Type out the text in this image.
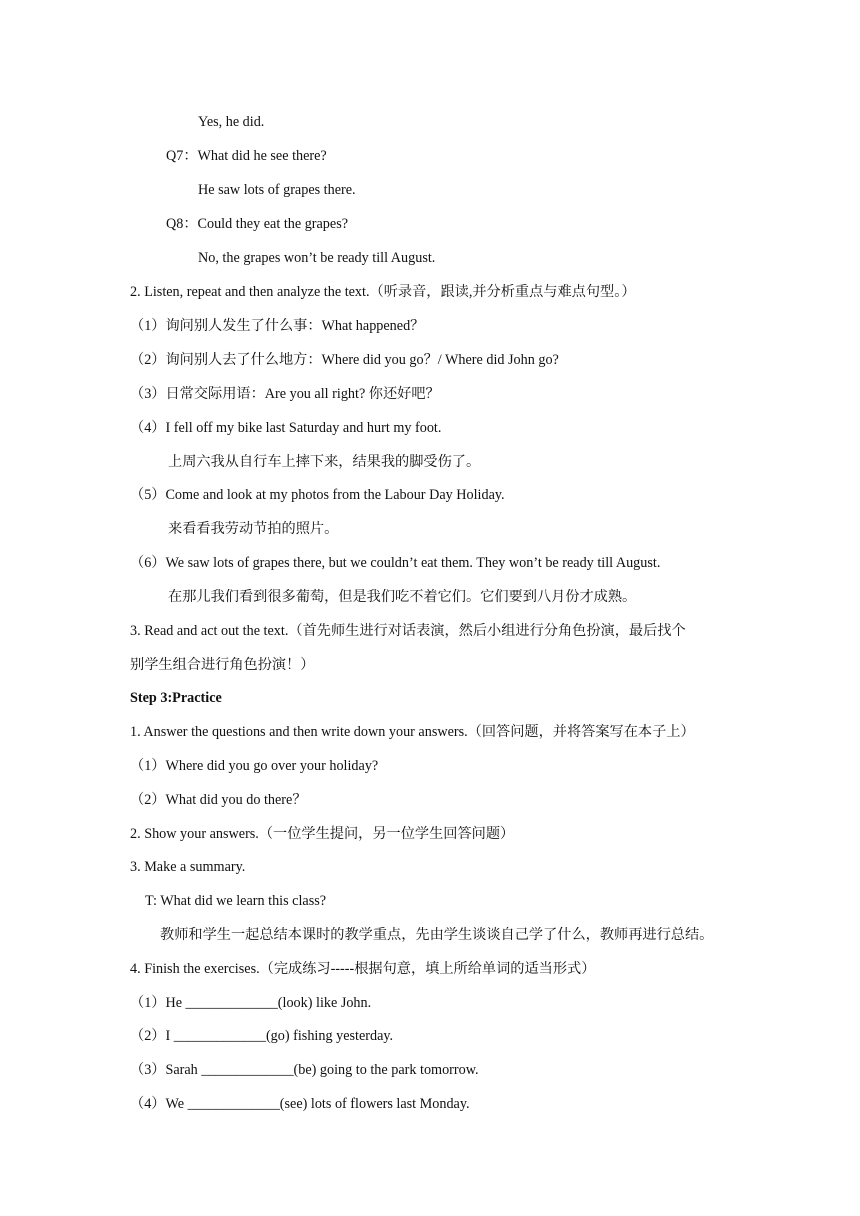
Yes, he did.
Q7：What did he see there?
He saw lots of grapes there.
Q8：Could they eat the grapes?
No, the grapes won’t be ready till August.
2. Listen, repeat and then analyze the text.（听录音，跟读,并分析重点与难点句型。）
（1）询问别人发生了什么事：What happened？
（2）询问别人去了什么地方：Where did you go？/ Where did John go?
（3）日常交际用语：Are you all right? 你还好吧？
（4）I fell off my bike last Saturday and hurt my foot.
上周六我从自行车上摔下来，结果我的脚受伤了。
（5）Come and look at my photos from the Labour Day Holiday.
来看看我劳动节拍的照片。
（6）We saw lots of grapes there, but we couldn’t eat them. They won’t be ready till August.
在那儿我们看到很多葡萄，但是我们吃不着它们。它们要到八月份才成熟。
3. Read and act out the text.（首先师生进行对话表演，然后小组进行分角色扮演，最后找个
别学生组合进行角色扮演！）
Step 3:Practice
1. Answer the questions and then write down your answers.（回答问题，并将答案写在本子上）
（1）Where did you go over your holiday?
（2）What did you do there？
2. Show your answers.（一位学生提问，另一位学生回答问题）
3. Make a summary.
T: What did we learn this class?
教师和学生一起总结本课时的教学重点，先由学生谈谈自己学了什么，教师再进行总结。
4. Finish the exercises.（完成练习-----根据句意，填上所给单词的适当形式）
（1）He _____________(look) like John.
（2）I _____________(go) fishing yesterday.
（3）Sarah _____________(be) going to the park tomorrow.
（4）We _____________(see) lots of flowers last Monday.
